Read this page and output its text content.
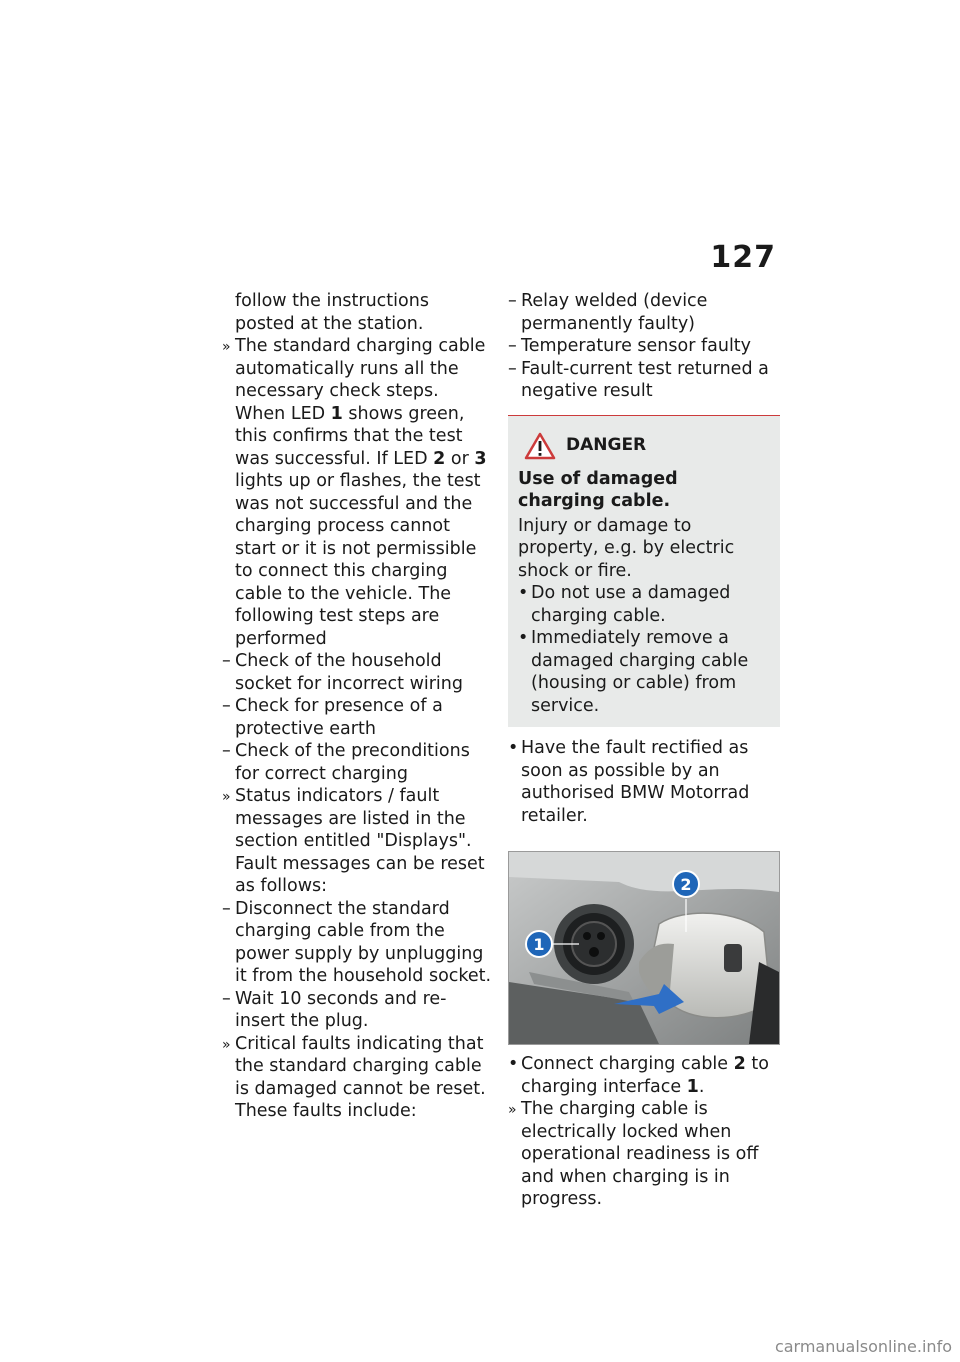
127

follow the instructions posted at the station.

»
The standard charging cable automatically runs all the necessary check steps. When LED 1 shows green, this confirms that the test was successful. If LED 2 or 3 lights up or flashes, the test was not successful and the charging process cannot start or it is not permissible to connect this charging cable to the vehicle. The following test steps are performed

–
Check of the household socket for incorrect wiring

–
Check for presence of a protective earth

–
Check of the preconditions for correct charging

»
Status indicators / fault messages are listed in the section entitled "Displays". Fault messages can be reset as follows:

–
Disconnect the standard charging cable from the power supply by unplugging it from the household socket.

–
Wait 10 seconds and re-insert the plug.

»
Critical faults indicating that the standard charging cable is damaged cannot be reset. These faults include:

–
Relay welded (device permanently faulty)

–
Temperature sensor faulty

–
Fault-current test returned a negative result

DANGER
Use of damaged charging cable.
Injury or damage to property, e.g. by electric shock or fire.

•
Do not use a damaged charging cable.

•
Immediately remove a damaged charging cable (housing or cable) from service.

•
Have the fault rectified as soon as possible by an authorised BMW Motorrad retailer.

1
2

•
Connect charging cable 2 to charging interface 1.

»
The charging cable is electrically locked when operational readiness is off and when charging is in progress.

carmanualsonline.info
